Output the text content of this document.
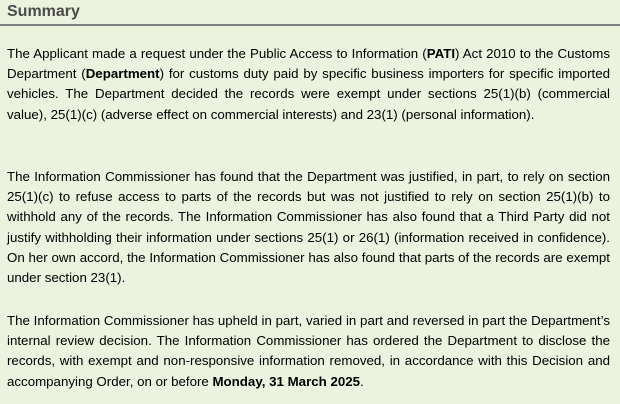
Summary

The Applicant made a request under the Public Access to Information (PATI) Act 2010 to the Customs Department (Department) for customs duty paid by specific business importers for specific imported vehicles. The Department decided the records were exempt under sections 25(1)(b) (commercial value), 25(1)(c) (adverse effect on commercial interests) and 23(1) (personal information).

The Information Commissioner has found that the Department was justified, in part, to rely on section 25(1)(c) to refuse access to parts of the records but was not justified to rely on section 25(1)(b) to withhold any of the records. The Information Commissioner has also found that a Third Party did not justify withholding their information under sections 25(1) or 26(1) (information received in confidence). On her own accord, the Information Commissioner has also found that parts of the records are exempt under section 23(1).

The Information Commissioner has upheld in part, varied in part and reversed in part the Department’s internal review decision. The Information Commissioner has ordered the Department to disclose the records, with exempt and non-responsive information removed, in accordance with this Decision and accompanying Order, on or before Monday, 31 March 2025.
